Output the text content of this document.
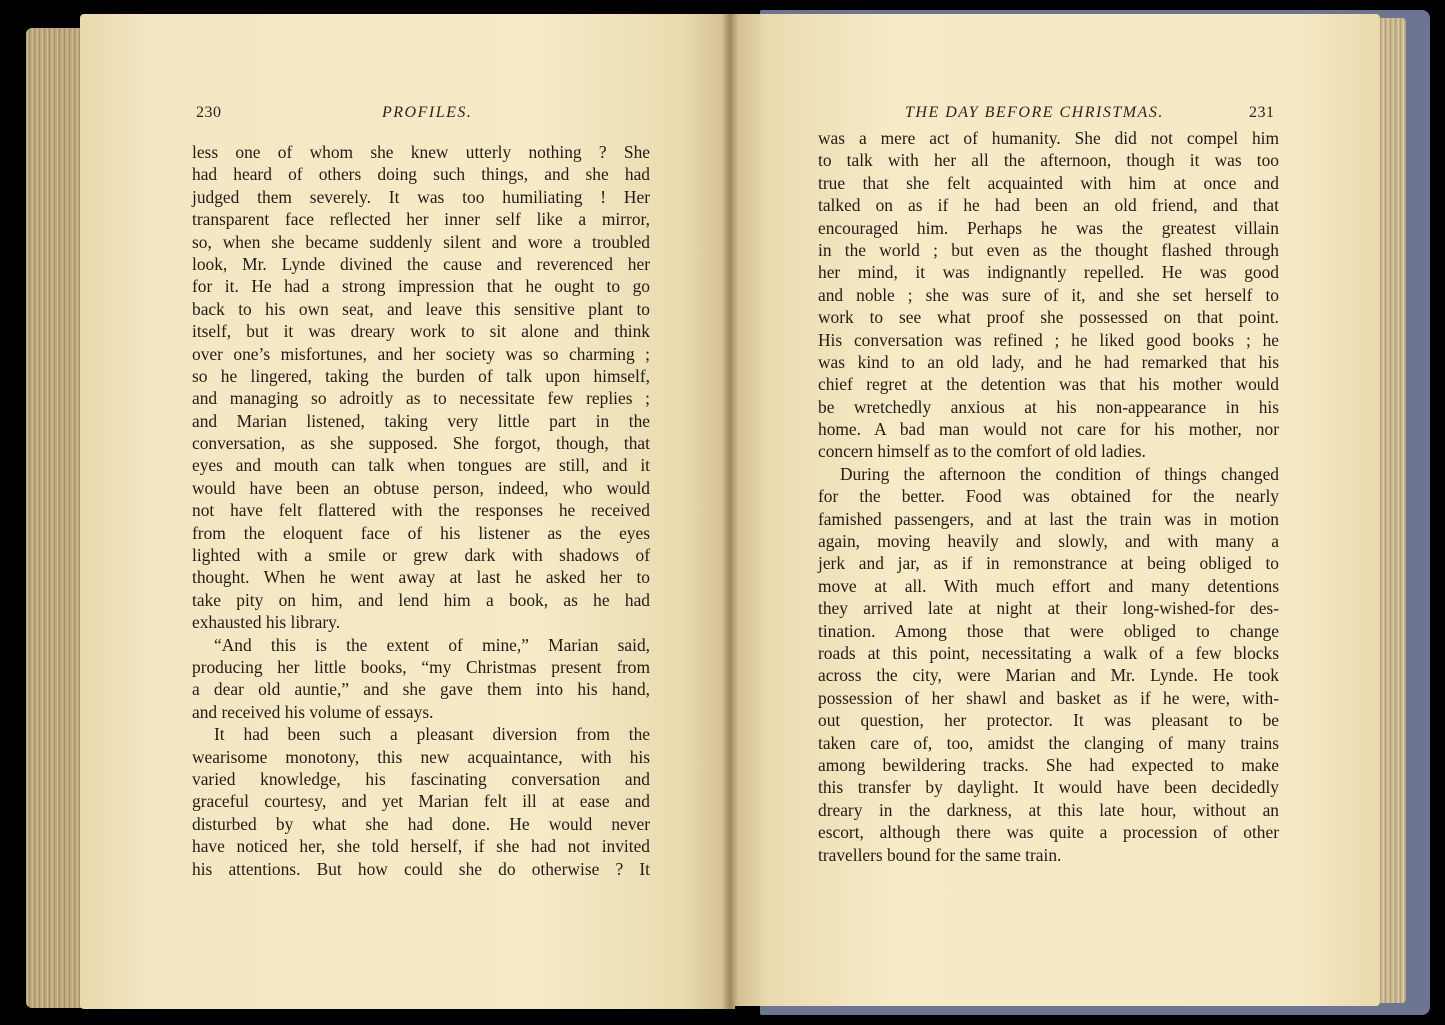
230	PROFILES.	THE DAY BEFORE CHRISTMAS.	231
less one of whom she knew utterly nothing ? She
had heard of others doing such things, and she had
judged them severely. It was too humiliating ! Her
transparent face reflected her inner self like a mirror,
so, when she became suddenly silent and wore a troubled
look, Mr. Lynde divined the cause and reverenced her
for it. He had a strong impression that he ought to go
back to his own seat, and leave this sensitive plant to
itself, but it was dreary work to sit alone and think
over one’s misfortunes, and her society was so charming ;
so he lingered, taking the burden of talk upon himself,
and managing so adroitly as to necessitate few replies ;
and Marian listened, taking very little part in the
conversation, as she supposed. She forgot, though, that
eyes and mouth can talk when tongues are still, and it
would have been an obtuse person, indeed, who would
not have felt flattered with the responses he received
from the eloquent face of his listener as the eyes
lighted with a smile or grew dark with shadows of
thought. When he went away at last he asked her to
take pity on him, and lend him a book, as he had
exhausted his library.
“And this is the extent of mine,” Marian said,
producing her little books, “my Christmas present from
a dear old auntie,” and she gave them into his hand,
and received his volume of essays.
It had been such a pleasant diversion from the
wearisome monotony, this new acquaintance, with his
varied knowledge, his fascinating conversation and
graceful courtesy, and yet Marian felt ill at ease and
disturbed by what she had done. He would never
have noticed her, she told herself, if she had not invited
his attentions. But how could she do otherwise ? It
was a mere act of humanity. She did not compel him
to talk with her all the afternoon, though it was too
true that she felt acquainted with him at once and
talked on as if he had been an old friend, and that
encouraged him. Perhaps he was the greatest villain
in the world ; but even as the thought flashed through
her mind, it was indignantly repelled. He was good
and noble ; she was sure of it, and she set herself to
work to see what proof she possessed on that point.
His conversation was refined ; he liked good books ; he
was kind to an old lady, and he had remarked that his
chief regret at the detention was that his mother would
be wretchedly anxious at his non-appearance in his
home. A bad man would not care for his mother, nor
concern himself as to the comfort of old ladies.
During the afternoon the condition of things changed
for the better. Food was obtained for the nearly
famished passengers, and at last the train was in motion
again, moving heavily and slowly, and with many a
jerk and jar, as if in remonstrance at being obliged to
move at all. With much effort and many detentions
they arrived late at night at their long-wished-for des-
tination. Among those that were obliged to change
roads at this point, necessitating a walk of a few blocks
across the city, were Marian and Mr. Lynde. He took
possession of her shawl and basket as if he were, with-
out question, her protector. It was pleasant to be
taken care of, too, amidst the clanging of many trains
among bewildering tracks. She had expected to make
this transfer by daylight. It would have been decidedly
dreary in the darkness, at this late hour, without an
escort, although there was quite a procession of other
travellers bound for the same train.
